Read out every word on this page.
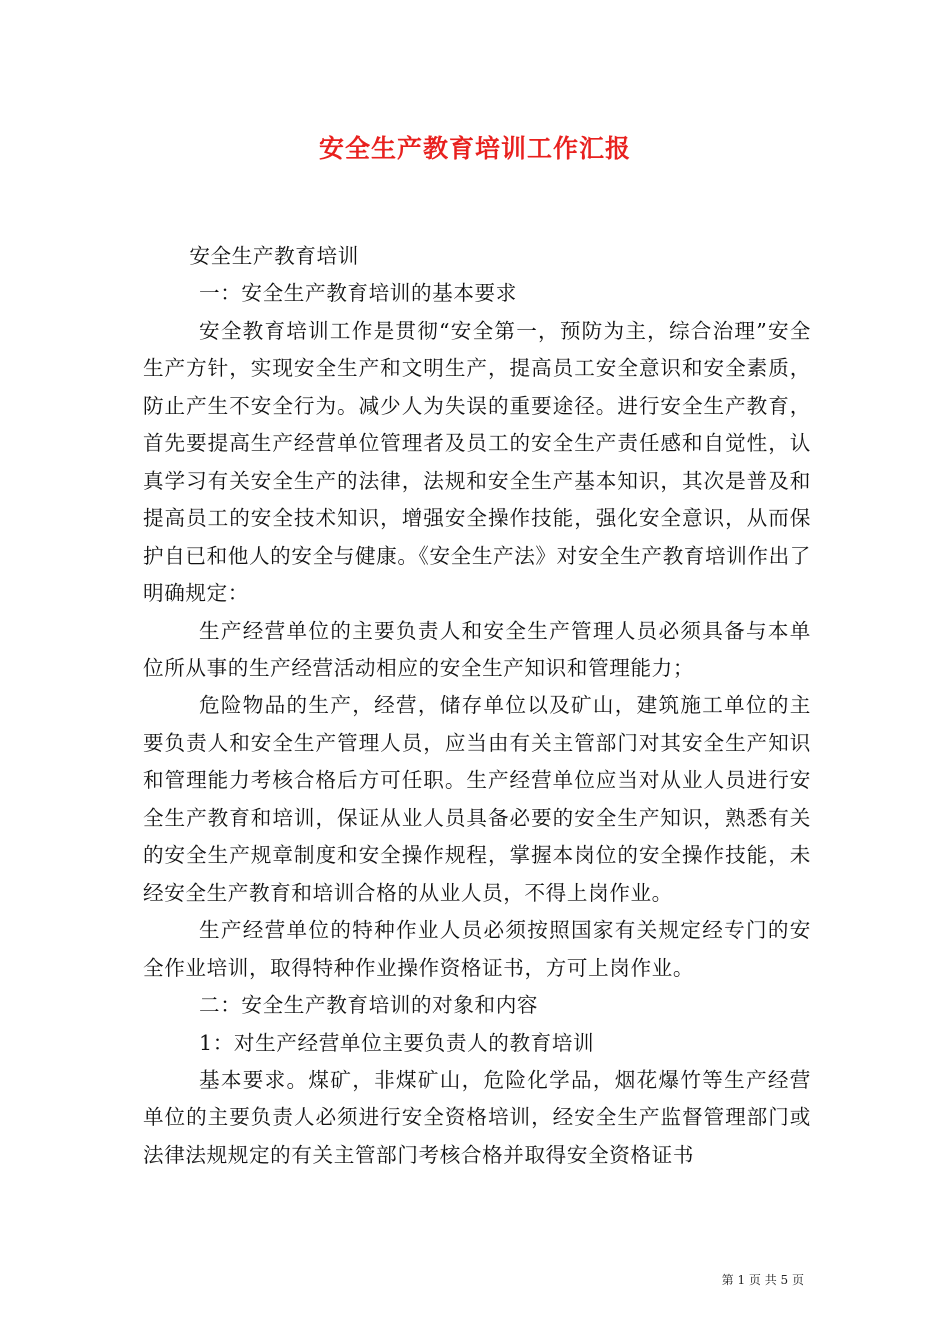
安全生产教育培训工作汇报

安全生产教育培训

一：安全生产教育培训的基本要求

安全教育培训工作是贯彻“安全第一，预防为主，综合治理”安全生产方针，实现安全生产和文明生产，提高员工安全意识和安全素质，防止产生不安全行为。减少人为失误的重要途径。进行安全生产教育，首先要提高生产经营单位管理者及员工的安全生产责任感和自觉性，认真学习有关安全生产的法律，法规和安全生产基本知识，其次是普及和提高员工的安全技术知识，增强安全操作技能，强化安全意识，从而保护自已和他人的安全与健康。《安全生产法》对安全生产教育培训作出了明确规定：

生产经营单位的主要负责人和安全生产管理人员必须具备与本单位所从事的生产经营活动相应的安全生产知识和管理能力；

危险物品的生产，经营，储存单位以及矿山，建筑施工单位的主要负责人和安全生产管理人员，应当由有关主管部门对其安全生产知识和管理能力考核合格后方可任职。生产经营单位应当对从业人员进行安全生产教育和培训，保证从业人员具备必要的安全生产知识，熟悉有关的安全生产规章制度和安全操作规程，掌握本岗位的安全操作技能，未经安全生产教育和培训合格的从业人员，不得上岗作业。

生产经营单位的特种作业人员必须按照国家有关规定经专门的安全作业培训，取得特种作业操作资格证书，方可上岗作业。

二：安全生产教育培训的对象和内容

1：对生产经营单位主要负责人的教育培训

基本要求。煤矿，非煤矿山，危险化学品，烟花爆竹等生产经营单位的主要负责人必须进行安全资格培训，经安全生产监督管理部门或法律法规规定的有关主管部门考核合格并取得安全资格证书

第 1 页 共 5 页
